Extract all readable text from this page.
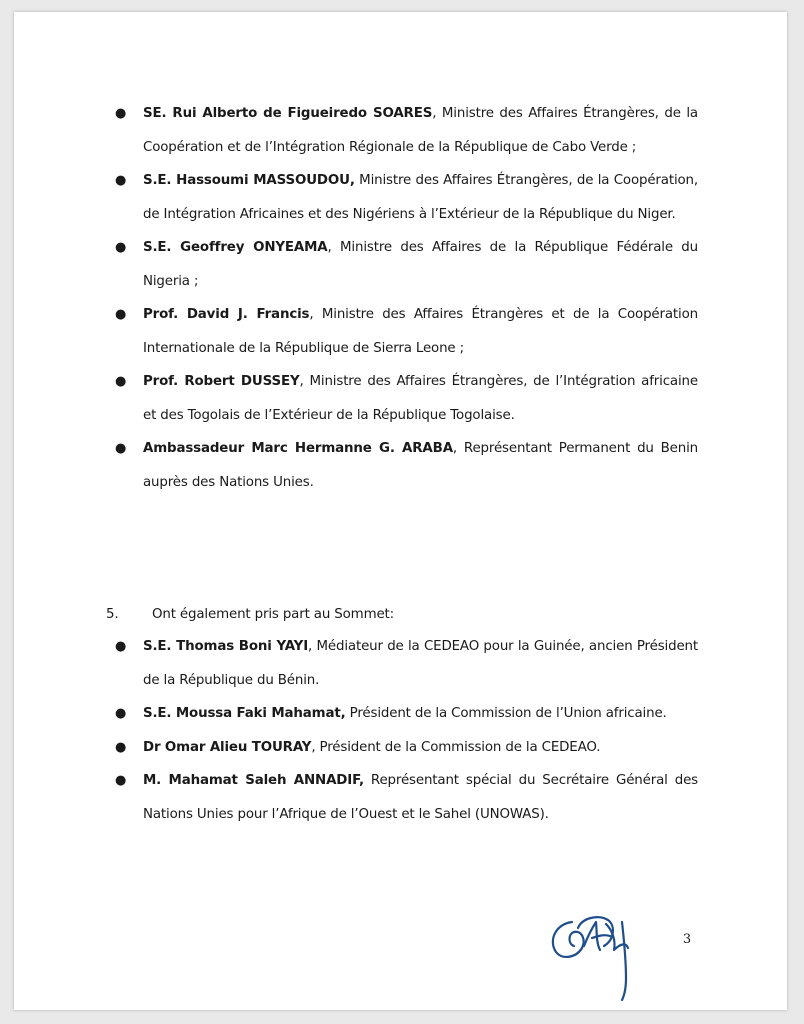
● SE. Rui Alberto de Figueiredo SOARES, Ministre des Affaires Étrangères, de la Coopération et de l’Intégration Régionale de la République de Cabo Verde ;
● S.E. Hassoumi MASSOUDOU, Ministre des Affaires Étrangères, de la Coopération, de Intégration Africaines et des Nigériens à l’Extérieur de la République du Niger.
● S.E. Geoffrey ONYEAMA, Ministre des Affaires de la République Fédérale du Nigeria ;
● Prof. David J. Francis, Ministre des Affaires Étrangères et de la Coopération Internationale de la République de Sierra Leone ;
● Prof. Robert DUSSEY, Ministre des Affaires Étrangères, de l’Intégration africaine et des Togolais de l’Extérieur de la République Togolaise.
● Ambassadeur Marc Hermanne G. ARABA, Représentant Permanent du Benin auprès des Nations Unies.
5.	Ont également pris part au Sommet:
● S.E. Thomas Boni YAYI, Médiateur de la CEDEAO pour la Guinée, ancien Président de la République du Bénin.
● S.E. Moussa Faki Mahamat, Président de la Commission de l’Union africaine.
● Dr Omar Alieu TOURAY, Président de la Commission de la CEDEAO.
● M. Mahamat Saleh ANNADIF, Représentant spécial du Secrétaire Général des Nations Unies pour l’Afrique de l’Ouest et le Sahel (UNOWAS).
3
